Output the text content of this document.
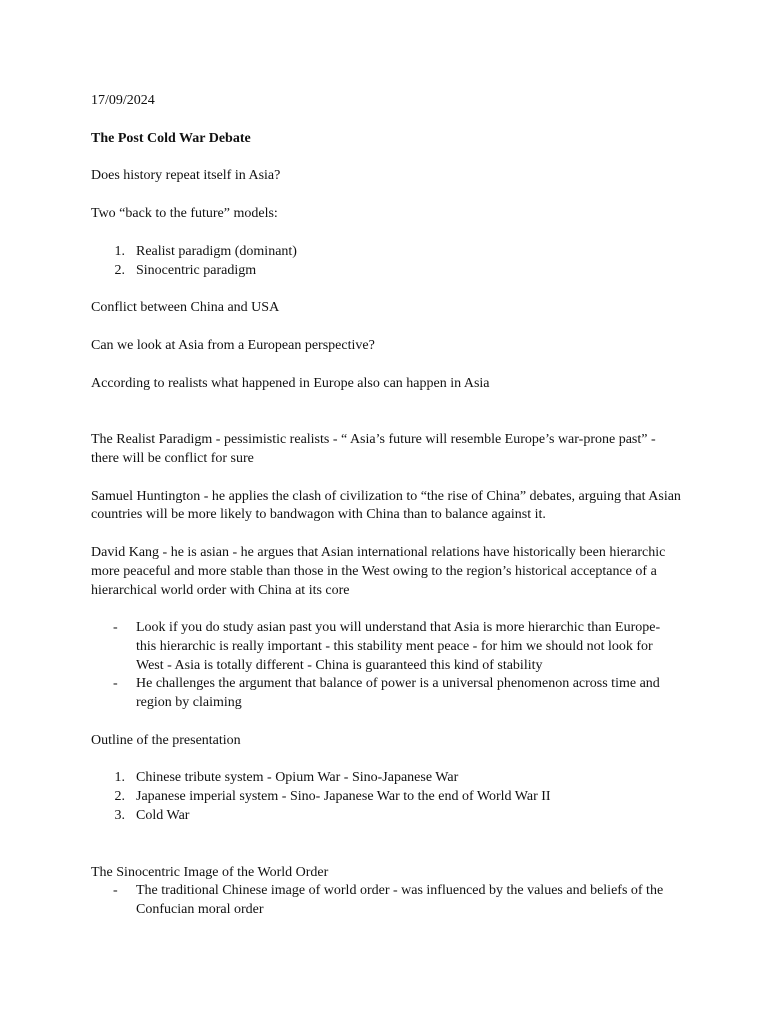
17/09/2024

The Post Cold War Debate

Does history repeat itself in Asia?

Two “back to the future” models:

1. Realist paradigm (dominant)
2. Sinocentric paradigm

Conflict between China and USA

Can we look at Asia from a European perspective?

According to realists what happened in Europe also can happen in Asia

The Realist Paradigm - pessimistic realists - “ Asia’s future will resemble Europe’s war-prone past” - there will be conflict for sure

Samuel Huntington - he applies the clash of civilization to “the rise of China” debates, arguing that Asian countries will be more likely to bandwagon with China than to balance against it.

David Kang - he is asian - he argues that Asian international relations have historically been hierarchic more peaceful and more stable than those in the West owing to the region’s historical acceptance of a hierarchical world order with China at its core

- Look if you do study asian past you will understand that Asia is more hierarchic than Europe- this hierarchic is really important - this stability ment peace - for him we should not look for West - Asia is totally different - China is guaranteed this kind of stability
- He challenges the argument that balance of power is a universal phenomenon across time and region by claiming

Outline of the presentation

1. Chinese tribute system - Opium War - Sino-Japanese War
2. Japanese imperial system - Sino- Japanese War to the end of World War II
3. Cold War

The Sinocentric Image of the World Order

- The traditional Chinese image of world order - was influenced by the values and beliefs of the Confucian moral order
